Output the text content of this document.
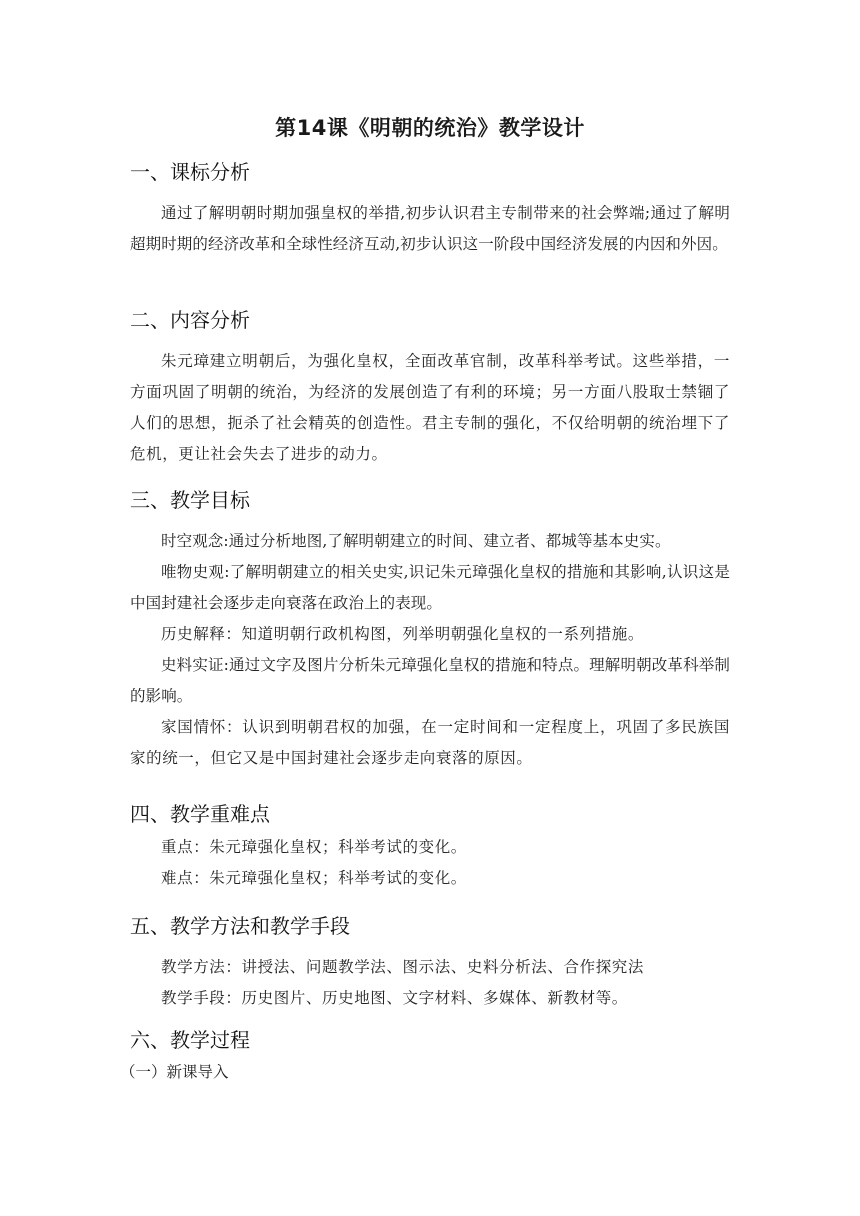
第14课《明朝的统治》教学设计
一、课标分析

通过了解明朝时期加强皇权的举措,初步认识君主专制带来的社会弊端;通过了解明超期时期的经济改革和全球性经济互动,初步认识这一阶段中国经济发展的内因和外因。

二、内容分析

朱元璋建立明朝后，为强化皇权，全面改革官制，改革科举考试。这些举措，一方面巩固了明朝的统治，为经济的发展创造了有利的环境；另一方面八股取士禁锢了人们的思想，扼杀了社会精英的创造性。君主专制的强化，不仅给明朝的统治埋下了危机，更让社会失去了进步的动力。

三、教学目标

时空观念:通过分析地图,了解明朝建立的时间、建立者、都城等基本史实。

唯物史观:了解明朝建立的相关史实,识记朱元璋强化皇权的措施和其影响,认识这是中国封建社会逐步走向衰落在政治上的表现。

历史解释：知道明朝行政机构图，列举明朝强化皇权的一系列措施。

史料实证:通过文字及图片分析朱元璋强化皇权的措施和特点。理解明朝改革科举制的影响。

家国情怀：认识到明朝君权的加强，在一定时间和一定程度上，巩固了多民族国家的统一，但它又是中国封建社会逐步走向衰落的原因。

四、教学重难点

重点：朱元璋强化皇权；科举考试的变化。

难点：朱元璋强化皇权；科举考试的变化。

五、教学方法和教学手段

教学方法：讲授法、问题教学法、图示法、史料分析法、合作探究法

教学手段：历史图片、历史地图、文字材料、多媒体、新教材等。

六、教学过程

（一）新课导入
